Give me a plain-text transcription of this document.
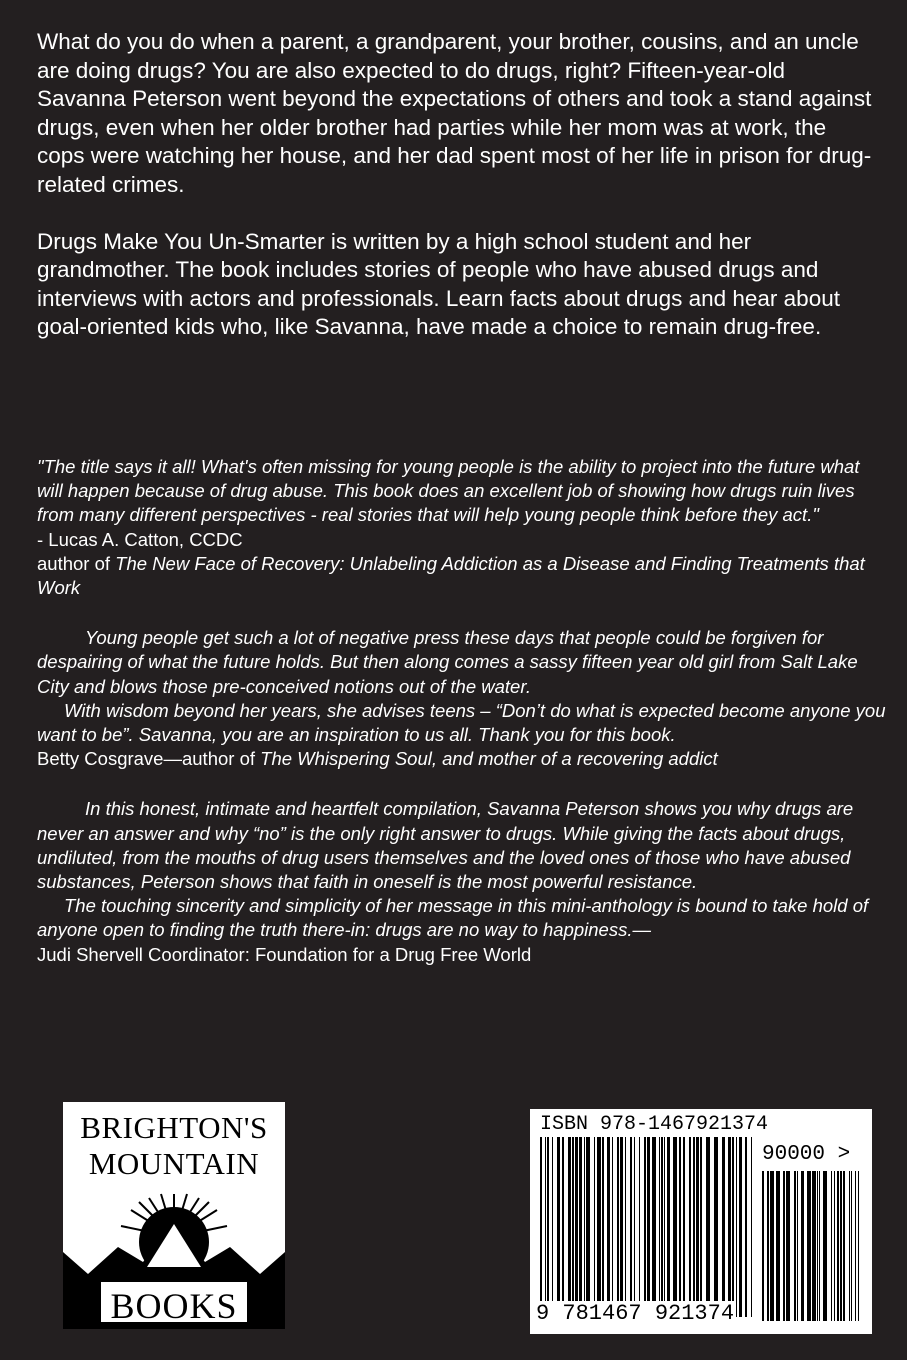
What do you do when a parent, a grandparent, your brother, cousins, and an uncle are doing drugs? You are also expected to do drugs, right? Fifteen-year-old Savanna Peterson went beyond the expectations of others and took a stand against drugs, even when her older brother had parties while her mom was at work, the cops were watching her house, and her dad spent most of her life in prison for drug-related crimes.

Drugs Make You Un-Smarter is written by a high school student and her grandmother. The book includes stories of people who have abused drugs and interviews with actors and professionals. Learn facts about drugs and hear about goal-oriented kids who, like Savanna, have made a choice to remain drug-free.

"The title says it all! What's often missing for young people is the ability to project into the future what will happen because of drug abuse. This book does an excellent job of showing how drugs ruin lives from many different perspectives - real stories that will help young people think before they act."

- Lucas A. Catton, CCDC

author of The New Face of Recovery: Unlabeling Addiction as a Disease and Finding Treatments that Work

Young people get such a lot of negative press these days that people could be forgiven for despairing of what the future holds. But then along comes a sassy fifteen year old girl from Salt Lake City and blows those pre-conceived notions out of the water.

With wisdom beyond her years, she advises teens – “Don’t do what is expected become anyone you want to be”. Savanna, you are an inspiration to us all. Thank you for this book.

Betty Cosgrave—author of The Whispering Soul, and mother of a recovering addict

In this honest, intimate and heartfelt compilation, Savanna Peterson shows you why drugs are never an answer and why “no” is the only right answer to drugs. While giving the facts about drugs, undiluted, from the mouths of drug users themselves and the loved ones of those who have abused substances, Peterson shows that faith in oneself is the most powerful resistance.

The touching sincerity and simplicity of her message in this mini-anthology is bound to take hold of anyone open to finding the truth there-in: drugs are no way to happiness.—

Judi Shervell Coordinator: Foundation for a Drug Free World

BRIGHTON'S
MOUNTAIN
BOOKS
ISBN 978-1467921374
90000 >
9 781467 921374
